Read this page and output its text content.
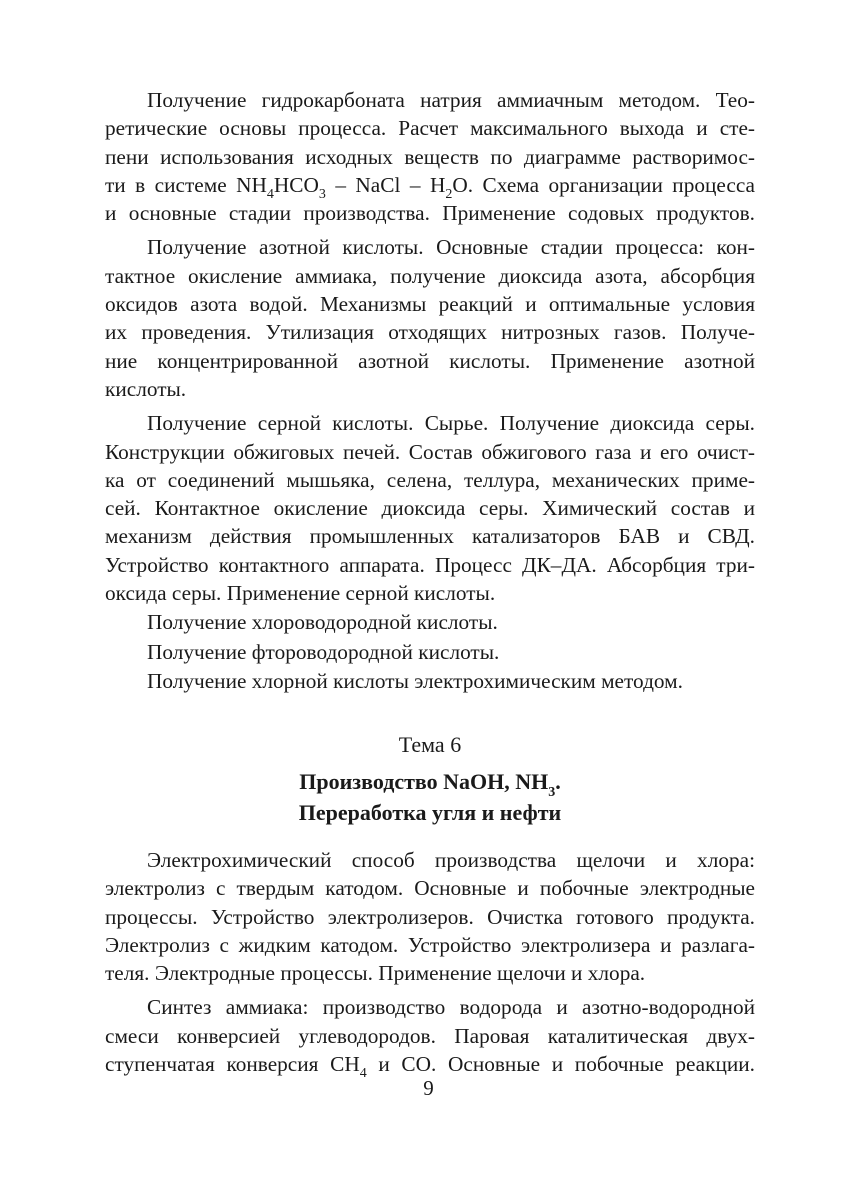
Получение гидрокарбоната натрия аммиачным методом. Тео-
ретические основы процесса. Расчет максимального выхода и сте-
пени использования исходных веществ по диаграмме растворимос-
ти в системе $NH_4HCO_3$ – NaCl – $H_2O$. Схема организации процесса
и основные стадии производства. Применение содовых продуктов.
Получение азотной кислоты. Основные стадии процесса: кон-
тактное окисление аммиака, получение диоксида азота, абсорбция
оксидов азота водой. Механизмы реакций и оптимальные условия
их проведения. Утилизация отходящих нитрозных газов. Получе-
ние концентрированной азотной кислоты. Применение азотной
кислоты.
Получение серной кислоты. Сырье. Получение диоксида серы.
Конструкции обжиговых печей. Состав обжигового газа и его очист-
ка от соединений мышьяка, селена, теллура, механических приме-
сей. Контактное окисление диоксида серы. Химический состав и
механизм действия промышленных катализаторов БАВ и СВД.
Устройство контактного аппарата. Процесс ДК–ДА. Абсорбция три-
оксида серы. Применение серной кислоты.
Получение хлороводородной кислоты.
Получение фтороводородной кислоты.
Получение хлорной кислоты электрохимическим методом.
Тема 6
Производство NaOH, $NH_3$.
Переработка угля и нефти
Электрохимический способ производства щелочи и хлора:
электролиз с твердым катодом. Основные и побочные электродные
процессы. Устройство электролизеров. Очистка готового продукта.
Электролиз с жидким катодом. Устройство электролизера и разлага-
теля. Электродные процессы. Применение щелочи и хлора.
Синтез аммиака: производство водорода и азотно-водородной
смеси конверсией углеводородов. Паровая каталитическая двух-
ступенчатая конверсия $CH_4$ и CO. Основные и побочные реакции.
9
